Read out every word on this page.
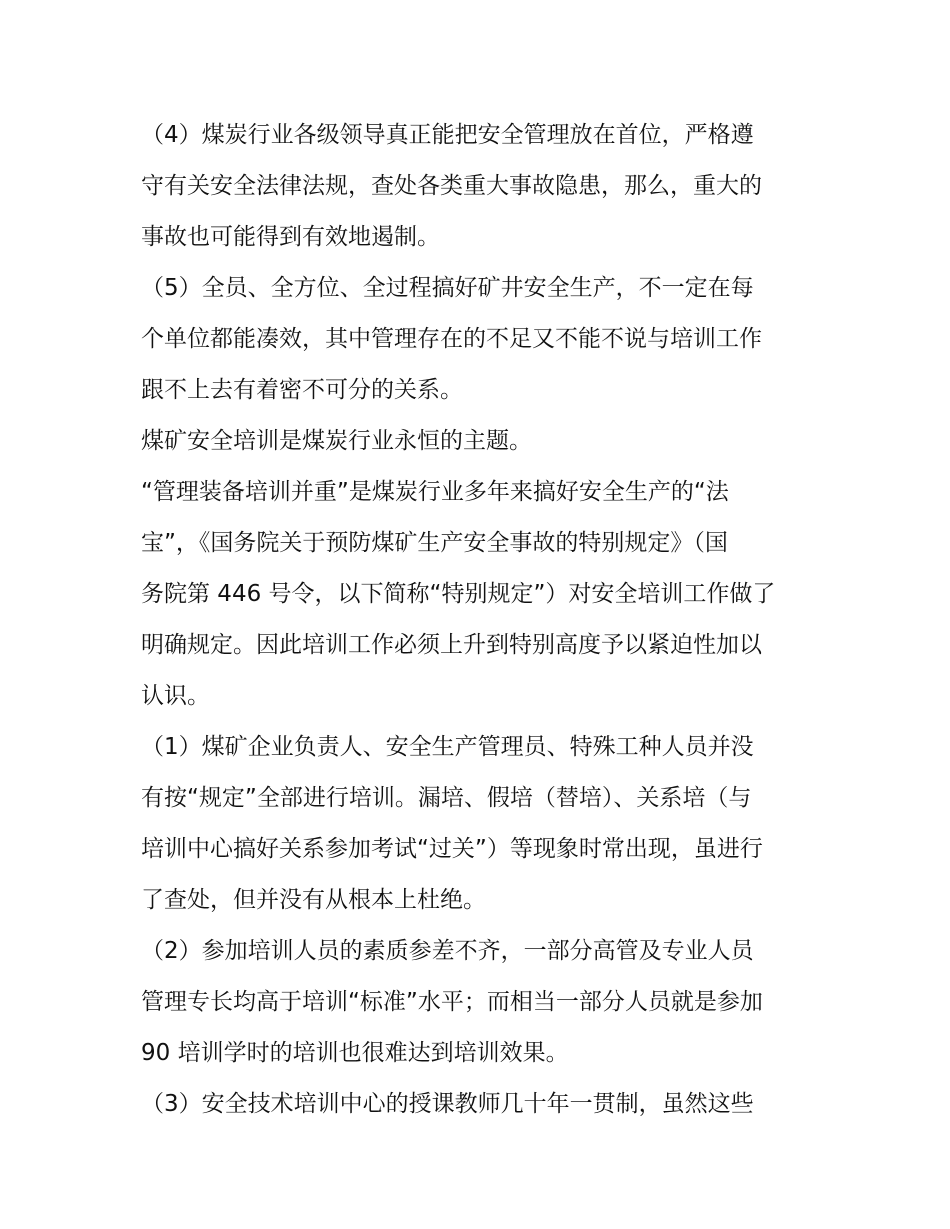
（4）煤炭行业各级领导真正能把安全管理放在首位，严格遵
守有关安全法律法规，查处各类重大事故隐患，那么，重大的
事故也可能得到有效地遏制。
（5）全员、全方位、全过程搞好矿井安全生产，不一定在每
个单位都能凑效，其中管理存在的不足又不能不说与培训工作
跟不上去有着密不可分的关系。
煤矿安全培训是煤炭行业永恒的主题。
“管理装备培训并重”是煤炭行业多年来搞好安全生产的“法
宝”，《国务院关于预防煤矿生产安全事故的特别规定》（国
务院第 446 号令，以下简称“特别规定”）对安全培训工作做了
明确规定。因此培训工作必须上升到特别高度予以紧迫性加以
认识。
（1）煤矿企业负责人、安全生产管理员、特殊工种人员并没
有按“规定”全部进行培训。漏培、假培（替培）、关系培（与
培训中心搞好关系参加考试“过关”）等现象时常出现，虽进行
了查处，但并没有从根本上杜绝。
（2）参加培训人员的素质参差不齐，一部分高管及专业人员
管理专长均高于培训“标准”水平；而相当一部分人员就是参加
90 培训学时的培训也很难达到培训效果。
（3）安全技术培训中心的授课教师几十年一贯制，虽然这些
